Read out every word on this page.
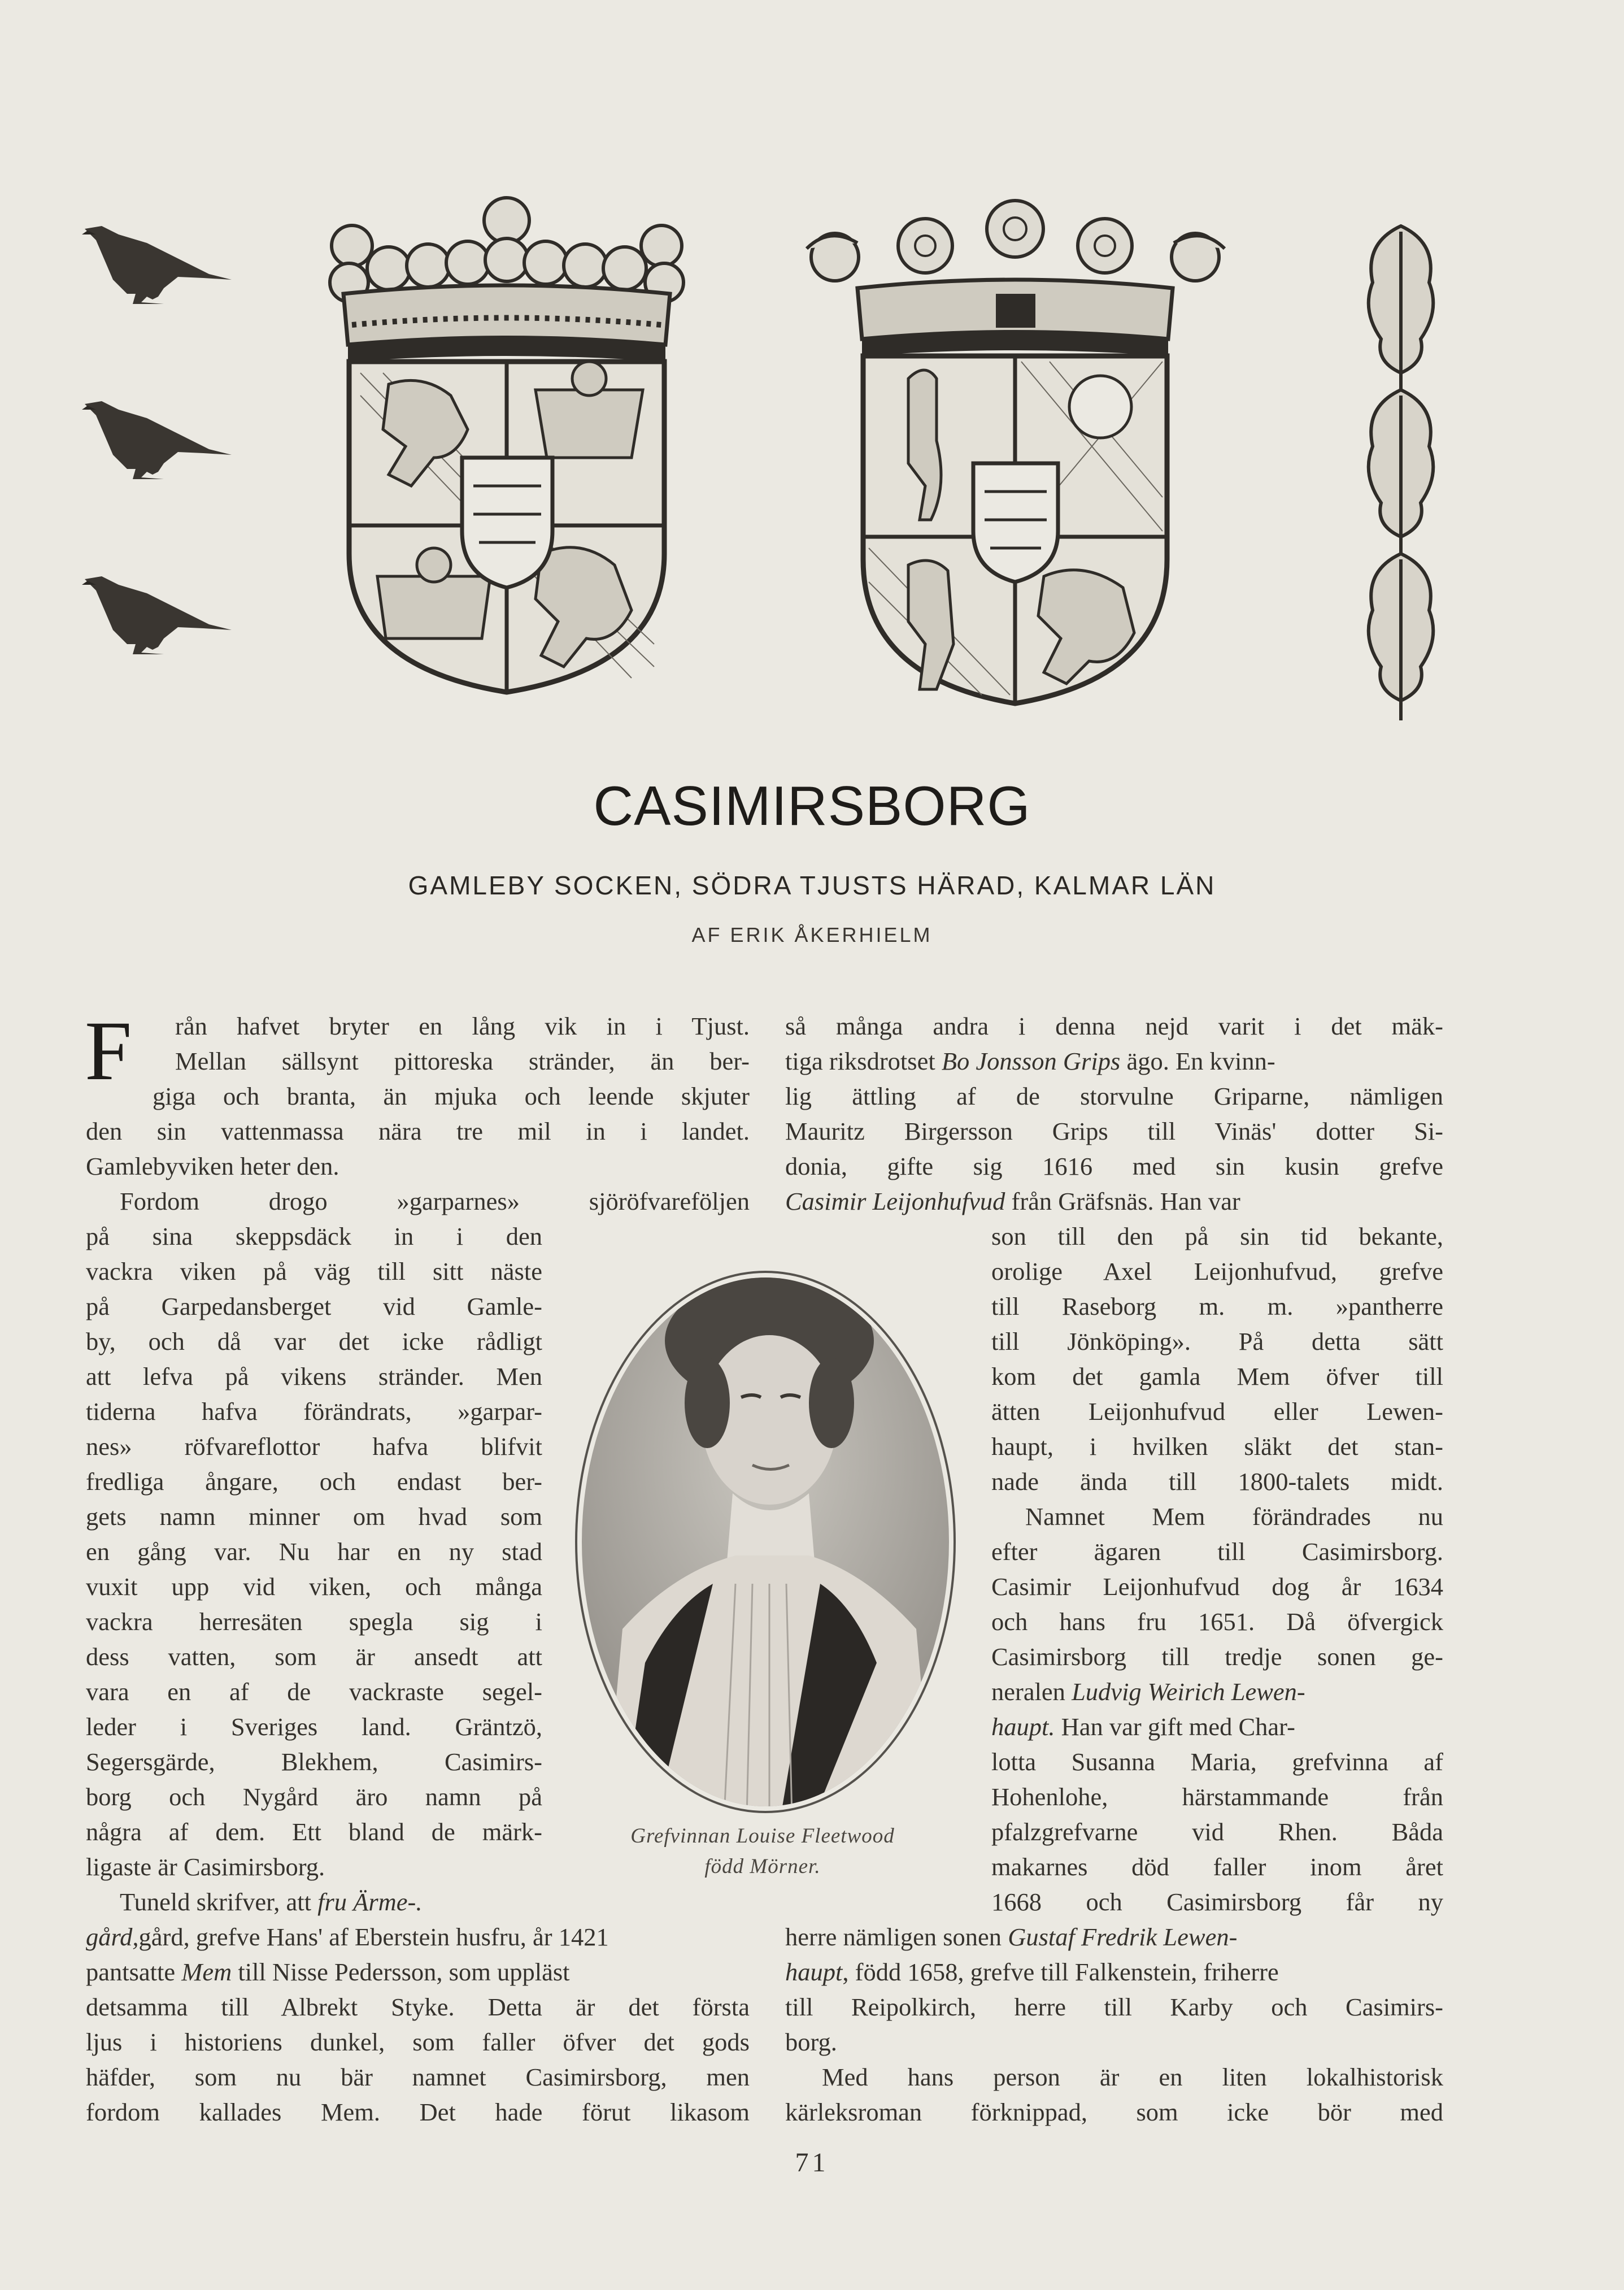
CASIMIRSBORG
GAMLEBY SOCKEN, SÖDRA TJUSTS HÄRAD, KALMAR LÄN
AF ERIK ÅKERHIELM
F rån hafvet bryter en lång vik in i Tjust.

Mellan sällsynt pittoreska stränder, än ber-

giga och branta, än mjuka och leende skjuter

den sin vattenmassa nära tre mil in i landet.

Gamlebyviken heter den.

Fordom drogo »garparnes» sjöröfvareföljen

på sina skeppsdäck in i den

vackra viken på väg till sitt näste

på Garpedansberget vid Gamle-

by, och då var det icke rådligt

att lefva på vikens stränder. Men

tiderna hafva förändrats, »garpar-

nes» röfvareflottor hafva blifvit

fredliga ångare, och endast ber-

gets namn minner om hvad som

en gång var. Nu har en ny stad

vuxit upp vid viken, och många

vackra herresäten spegla sig i

dess vatten, som är ansedt att

vara en af de vackraste segel-

leder i Sveriges land. Gräntzö,

Segersgärde, Blekhem, Casimirs-

borg och Nygård äro namn på

några af dem. Ett bland de märk-

ligaste är Casimirsborg.

Tuneld skrifver, att fru Ärme-.

gård,gård, grefve Hans' af Eberstein husfru, år 1421

pantsatte Mem till Nisse Pedersson, som uppläst

detsamma till Albrekt Styke. Detta är det första

ljus i historiens dunkel, som faller öfver det gods

häfder, som nu bär namnet Casimirsborg, men

fordom kallades Mem. Det hade förut likasom

så många andra i denna nejd varit i det mäk-

tiga riksdrotset Bo Jonsson Grips ägo. En kvinn-

lig ättling af de storvulne Griparne, nämligen

Mauritz Birgersson Grips till Vinäs' dotter Si-

donia, gifte sig 1616 med sin kusin grefve

Casimir Leijonhufvud från Gräfsnäs. Han var

son till den på sin tid bekante,

orolige Axel Leijonhufvud, grefve

till Raseborg m. m. »pantherre

till Jönköping». På detta sätt

kom det gamla Mem öfver till

ätten Leijonhufvud eller Lewen-

haupt, i hvilken släkt det stan-

nade ända till 1800-talets midt.

Namnet Mem förändrades nu

efter ägaren till Casimirsborg.

Casimir Leijonhufvud dog år 1634

och hans fru 1651. Då öfvergick

Casimirsborg till tredje sonen ge-

neralen Ludvig Weirich Lewen-

haupt. Han var gift med Char-

lotta Susanna Maria, grefvinna af

Hohenlohe, härstammande från

pfalzgrefvarne vid Rhen. Båda

makarnes död faller inom året

1668 och Casimirsborg får ny

herre nämligen sonen Gustaf Fredrik Lewen-

haupt, född 1658, grefve till Falkenstein, friherre

till Reipolkirch, herre till Karby och Casimirs-

borg.

Med hans person är en liten lokalhistorisk

kärleksroman förknippad, som icke bör med

Grefvinnan Louise Fleetwood
född Mörner.
71
